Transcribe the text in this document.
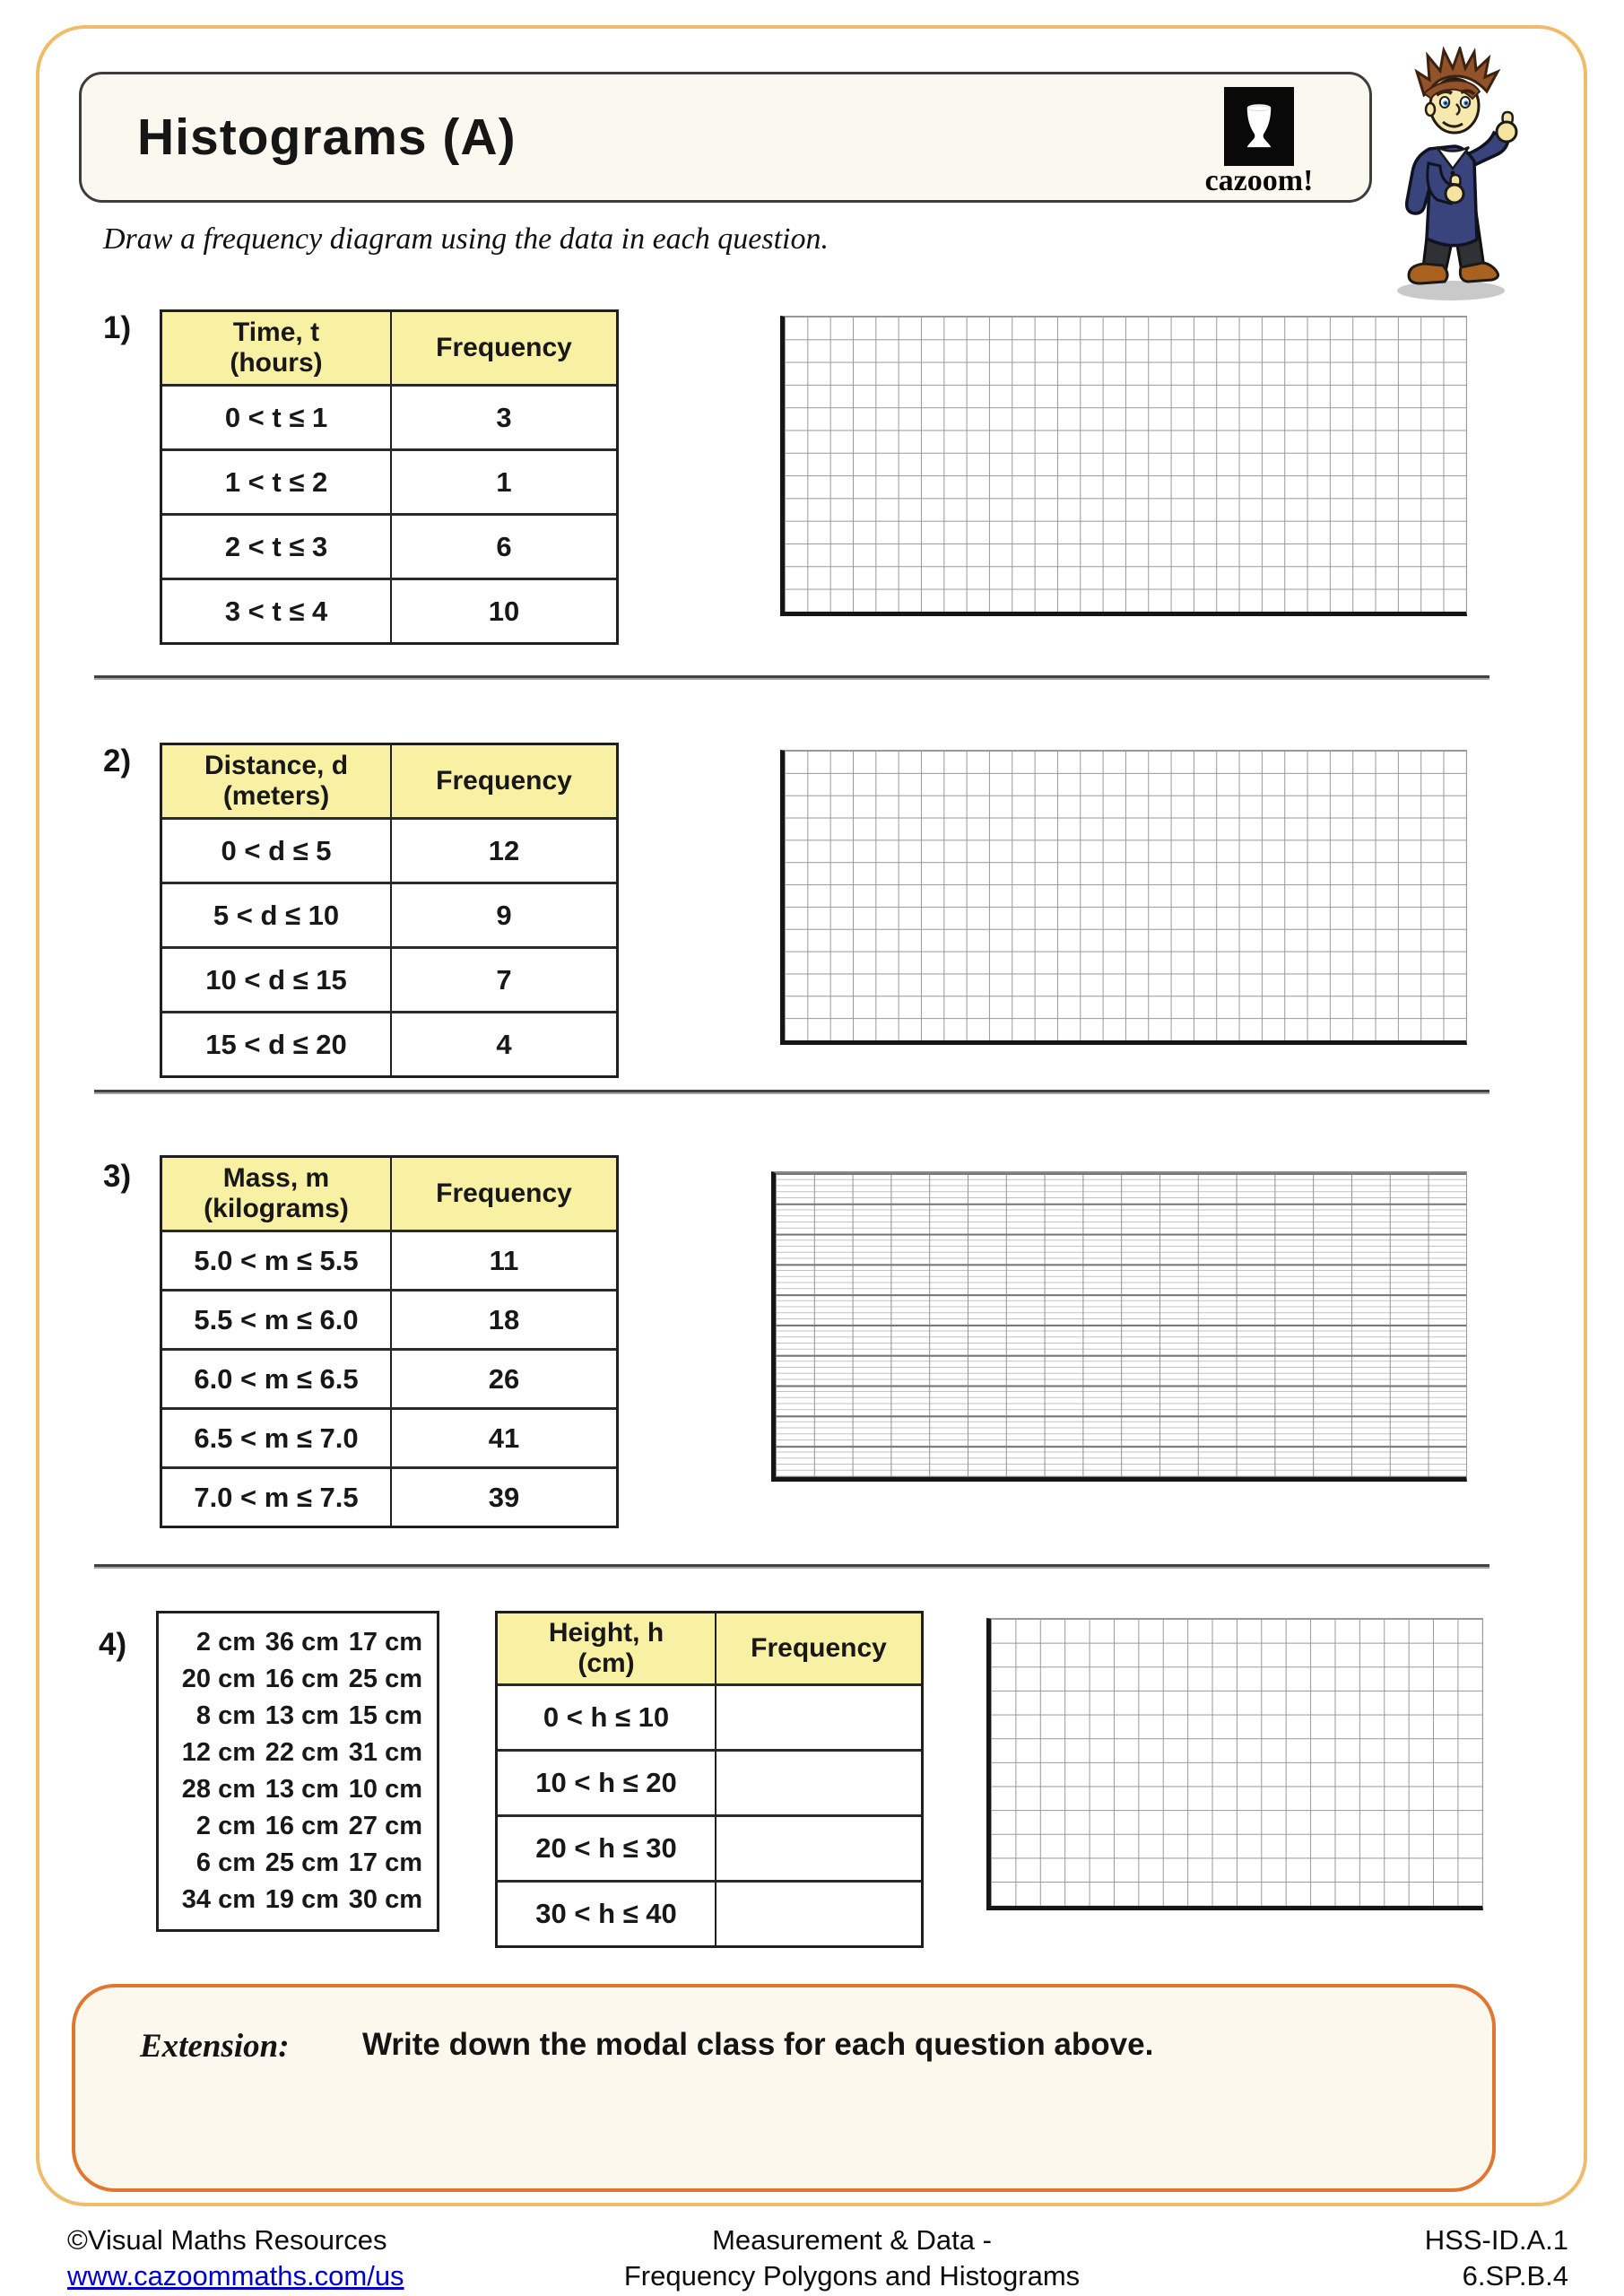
Histograms (A)
cazoom!
Draw a frequency diagram using the data in each question.
1)	Time, t
(hours)
Frequency
0 < t ≤ 1	3
1 < t ≤ 2	1
2 < t ≤ 3	6
3 < t ≤ 4	10
2)	Distance, d
(meters)
Frequency
0 < d ≤ 5	12
5 < d ≤ 10	9
10 < d ≤ 15	7
15 < d ≤ 20	4
3)	Mass, m
(kilograms)
Frequency
5.0 < m ≤ 5.5	11
5.5 < m ≤ 6.0	18
6.0 < m ≤ 6.5	26
6.5 < m ≤ 7.0	41
7.0 < m ≤ 7.5	39
4)	2 cm 36 cm 17 cm
20 cm 16 cm 25 cm
8 cm 13 cm 15 cm
12 cm 22 cm 31 cm
28 cm 13 cm 10 cm
2 cm 16 cm 27 cm
6 cm 25 cm 17 cm
34 cm 19 cm 30 cm
Height, h
(cm)
Frequency
0 < h ≤ 10
10 < h ≤ 20
20 < h ≤ 30
30 < h ≤ 40
Extension: Write down the modal class for each question above.
©Visual Maths Resources
www.cazoommaths.com/us
Measurement & Data -
Frequency Polygons and Histograms
HSS-ID.A.1
6.SP.B.4
